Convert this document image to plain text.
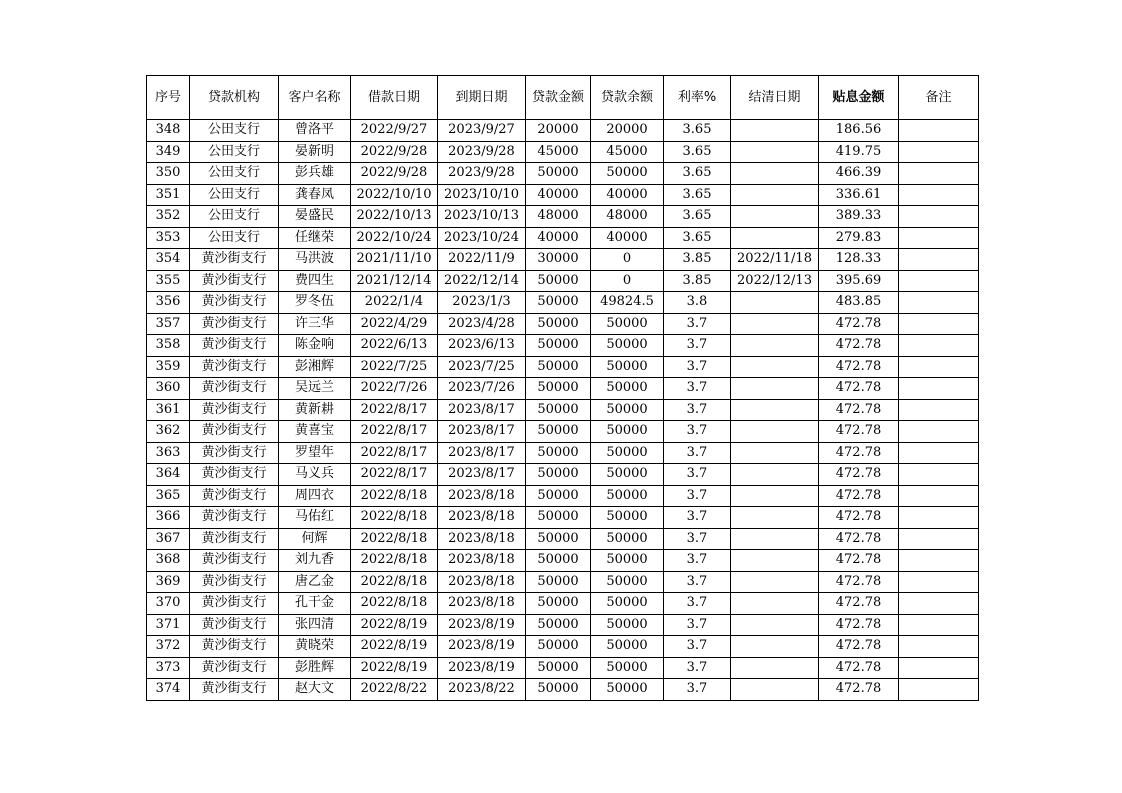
序号	贷款机构	客户名称	借款日期	到期日期	贷款金额	贷款余额	利率%	结清日期	贴息金额	备注
348	公田支行	曾洛平	2022/9/27	2023/9/27	20000	20000	3.65		186.56	
349	公田支行	晏新明	2022/9/28	2023/9/28	45000	45000	3.65		419.75	
350	公田支行	彭兵雄	2022/9/28	2023/9/28	50000	50000	3.65		466.39	
351	公田支行	龚春凤	2022/10/10	2023/10/10	40000	40000	3.65		336.61	
352	公田支行	晏盛民	2022/10/13	2023/10/13	48000	48000	3.65		389.33	
353	公田支行	任继荣	2022/10/24	2023/10/24	40000	40000	3.65		279.83	
354	黄沙街支行	马洪波	2021/11/10	2022/11/9	30000	0	3.85	2022/11/18	128.33	
355	黄沙街支行	费四生	2021/12/14	2022/12/14	50000	0	3.85	2022/12/13	395.69	
356	黄沙街支行	罗冬伍	2022/1/4	2023/1/3	50000	49824.5	3.8		483.85	
357	黄沙街支行	许三华	2022/4/29	2023/4/28	50000	50000	3.7		472.78	
358	黄沙街支行	陈金响	2022/6/13	2023/6/13	50000	50000	3.7		472.78	
359	黄沙街支行	彭湘辉	2022/7/25	2023/7/25	50000	50000	3.7		472.78	
360	黄沙街支行	吴远兰	2022/7/26	2023/7/26	50000	50000	3.7		472.78	
361	黄沙街支行	黄新耕	2022/8/17	2023/8/17	50000	50000	3.7		472.78	
362	黄沙街支行	黄喜宝	2022/8/17	2023/8/17	50000	50000	3.7		472.78	
363	黄沙街支行	罗望年	2022/8/17	2023/8/17	50000	50000	3.7		472.78	
364	黄沙街支行	马义兵	2022/8/17	2023/8/17	50000	50000	3.7		472.78	
365	黄沙街支行	周四衣	2022/8/18	2023/8/18	50000	50000	3.7		472.78	
366	黄沙街支行	马佑红	2022/8/18	2023/8/18	50000	50000	3.7		472.78	
367	黄沙街支行	何辉	2022/8/18	2023/8/18	50000	50000	3.7		472.78	
368	黄沙街支行	刘九香	2022/8/18	2023/8/18	50000	50000	3.7		472.78	
369	黄沙街支行	唐乙金	2022/8/18	2023/8/18	50000	50000	3.7		472.78	
370	黄沙街支行	孔干金	2022/8/18	2023/8/18	50000	50000	3.7		472.78	
371	黄沙街支行	张四清	2022/8/19	2023/8/19	50000	50000	3.7		472.78	
372	黄沙街支行	黄晓荣	2022/8/19	2023/8/19	50000	50000	3.7		472.78	
373	黄沙街支行	彭胜辉	2022/8/19	2023/8/19	50000	50000	3.7		472.78	
374	黄沙街支行	赵大文	2022/8/22	2023/8/22	50000	50000	3.7		472.78	
